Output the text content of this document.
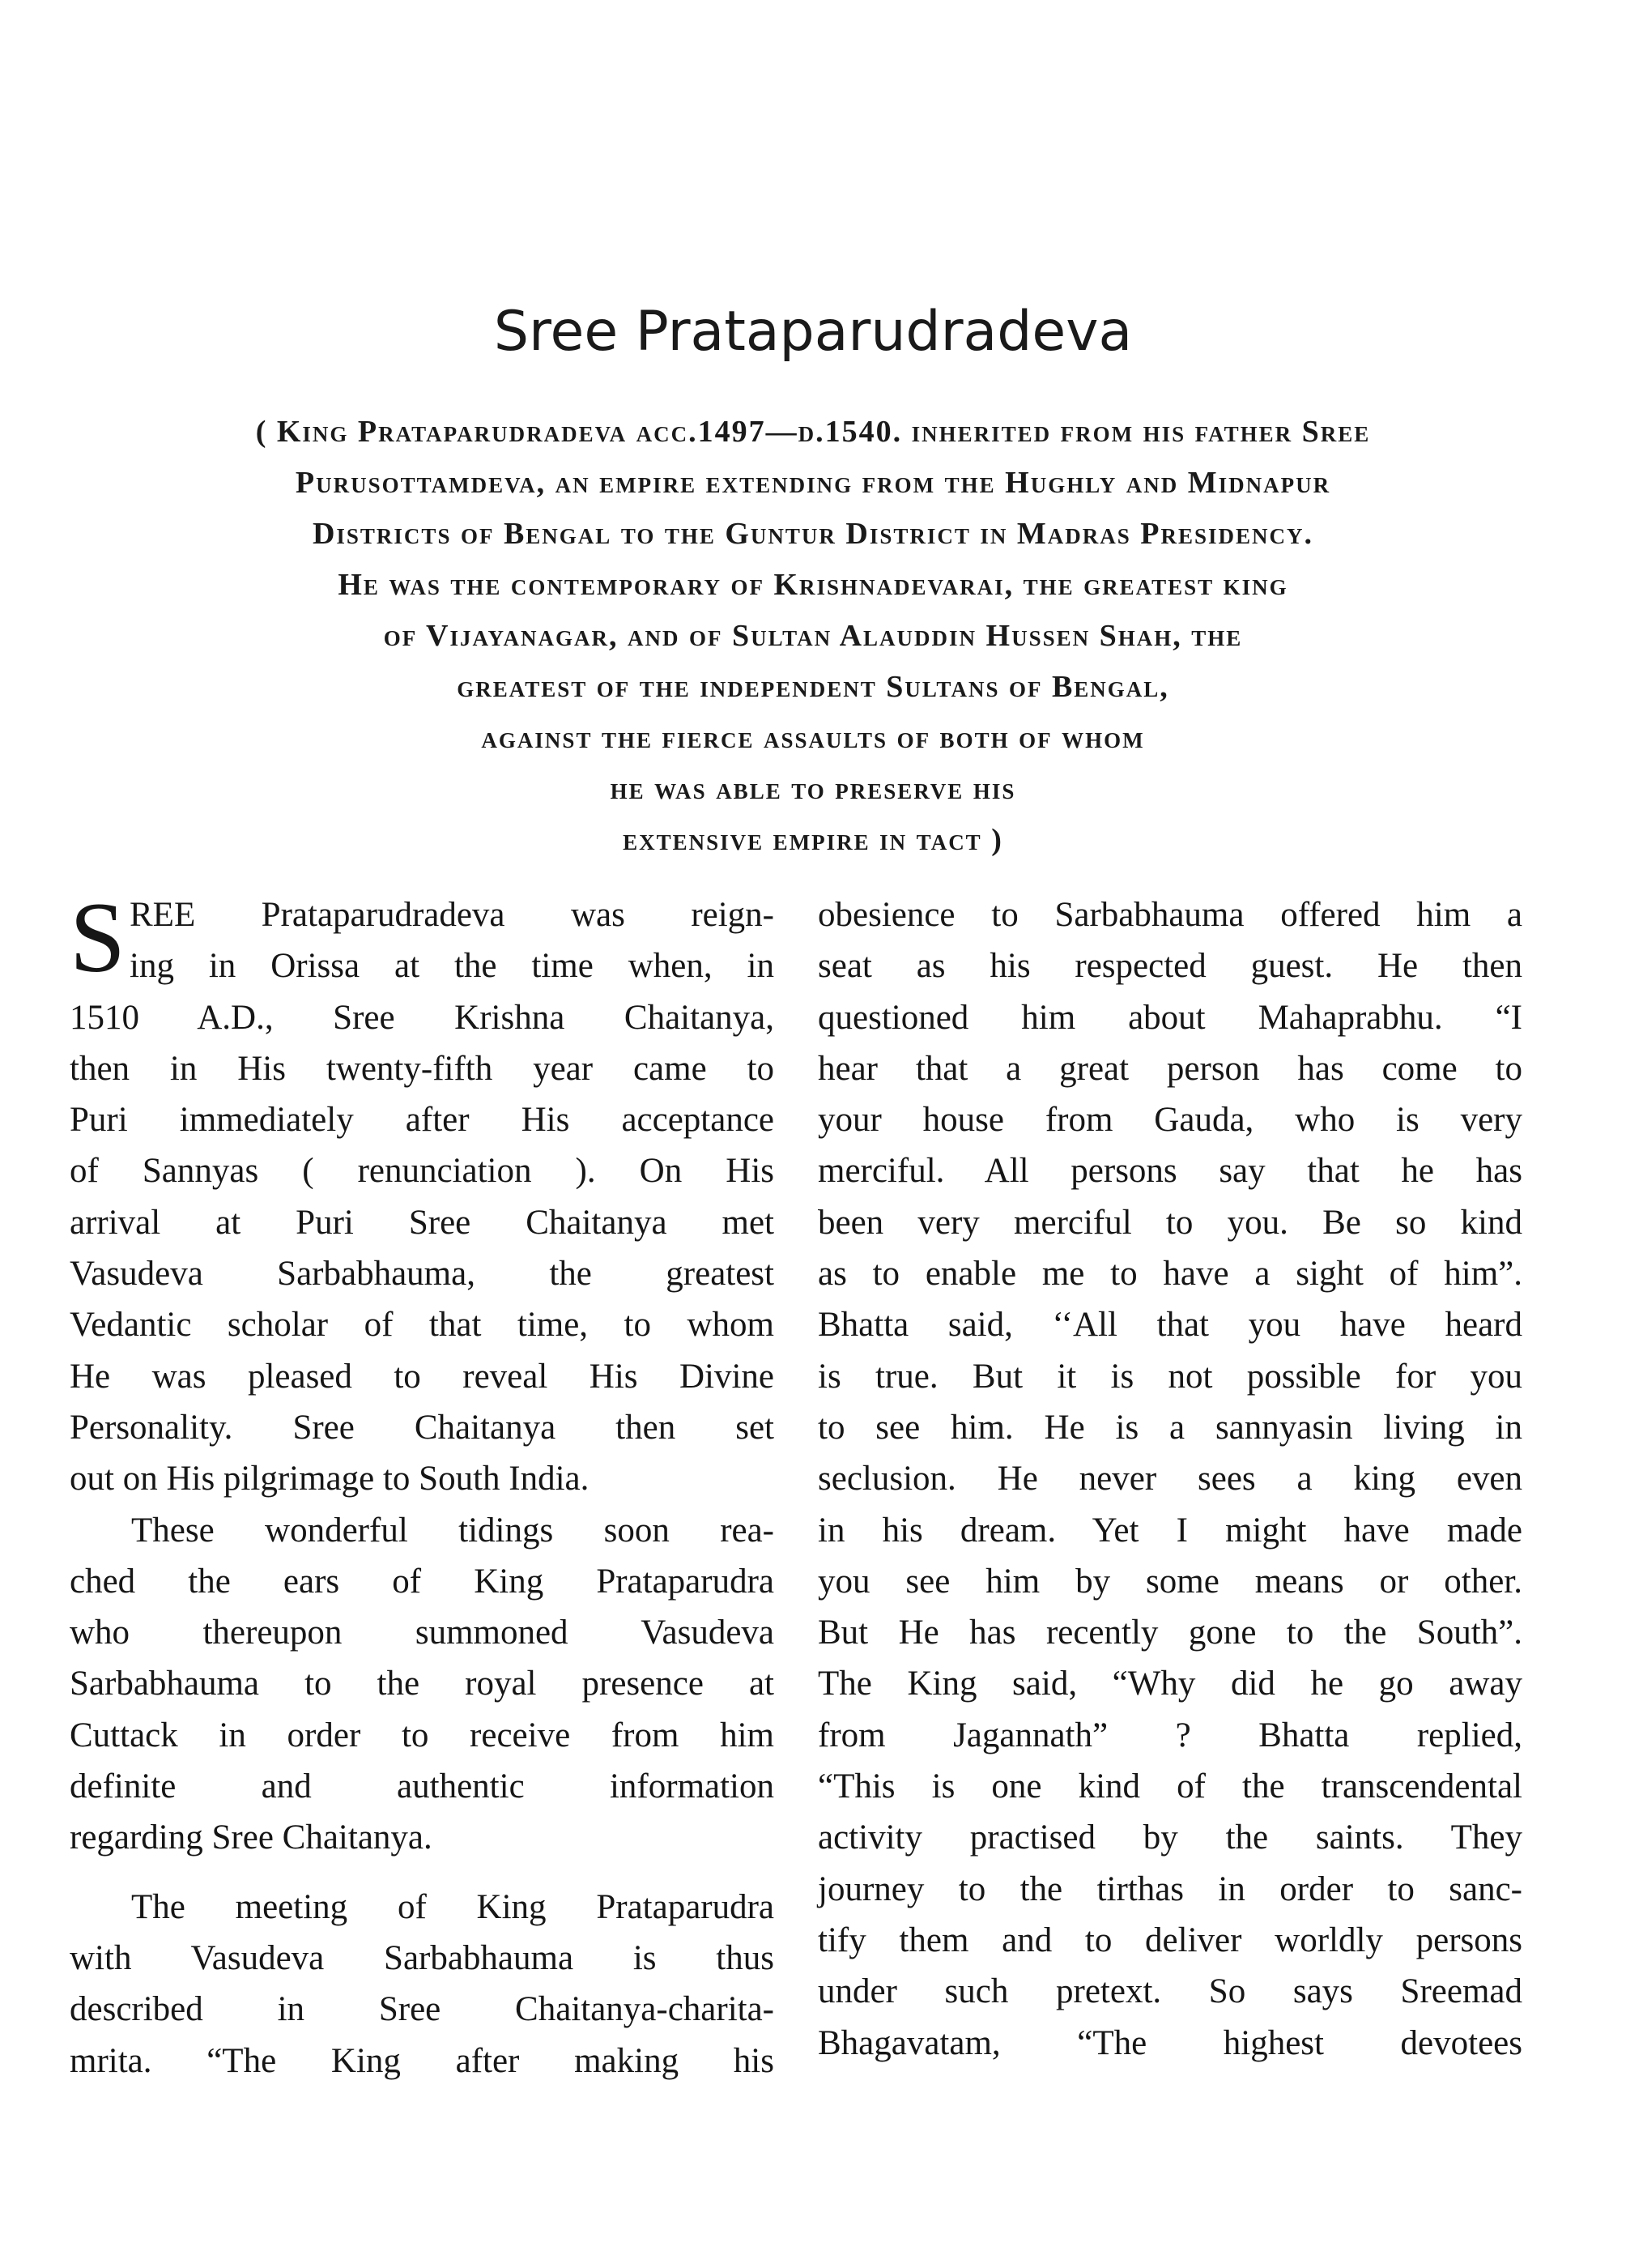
Sree Prataparudradeva

( King Prataparudradeva acc.1497—d.1540. inherited from his father Sree
Purusottamdeva, an empire extending from the Hughly and Midnapur
Districts of Bengal to the Guntur District in Madras Presidency.
He was the contemporary of Krishnadevarai, the greatest king
of Vijayanagar, and of Sultan Alauddin Hussen Shah, the
greatest of the independent Sultans of Bengal,
against the fierce assaults of both of whom
he was able to preserve his
extensive empire in tact )

S REE Prataparudradeva was reign-
ing in Orissa at the time when, in
1510 A.D., Sree Krishna Chaitanya,
then in His twenty-fifth year came to
Puri immediately after His acceptance
of Sannyas ( renunciation ). On His
arrival at Puri Sree Chaitanya met
Vasudeva Sarbabhauma, the greatest
Vedantic scholar of that time, to whom
He was pleased to reveal His Divine
Personality. Sree Chaitanya then set
out on His pilgrimage to South India.
These wonderful tidings soon rea-
ched the ears of King Prataparudra
who thereupon summoned Vasudeva
Sarbabhauma to the royal presence at
Cuttack in order to receive from him
definite and authentic information
regarding Sree Chaitanya.
The meeting of King Prataparudra
with Vasudeva Sarbabhauma is thus
described in Sree Chaitanya-charita-
mrita. “The King after making his
obesience to Sarbabhauma offered him a
seat as his respected guest. He then
questioned him about Mahaprabhu. “I
hear that a great person has come to
your house from Gauda, who is very
merciful. All persons say that he has
been very merciful to you. Be so kind
as to enable me to have a sight of him”.
Bhatta said, ‘‘All that you have heard
is true. But it is not possible for you
to see him. He is a sannyasin living in
seclusion. He never sees a king even
in his dream. Yet I might have made
you see him by some means or other.
But He has recently gone to the South”.
The King said, “Why did he go away
from Jagannath” ? Bhatta replied,
“This is one kind of the transcendental
activity practised by the saints. They
journey to the tirthas in order to sanc-
tify them and to deliver worldly persons
under such pretext. So says Sreemad
Bhagavatam, “The highest devotees
